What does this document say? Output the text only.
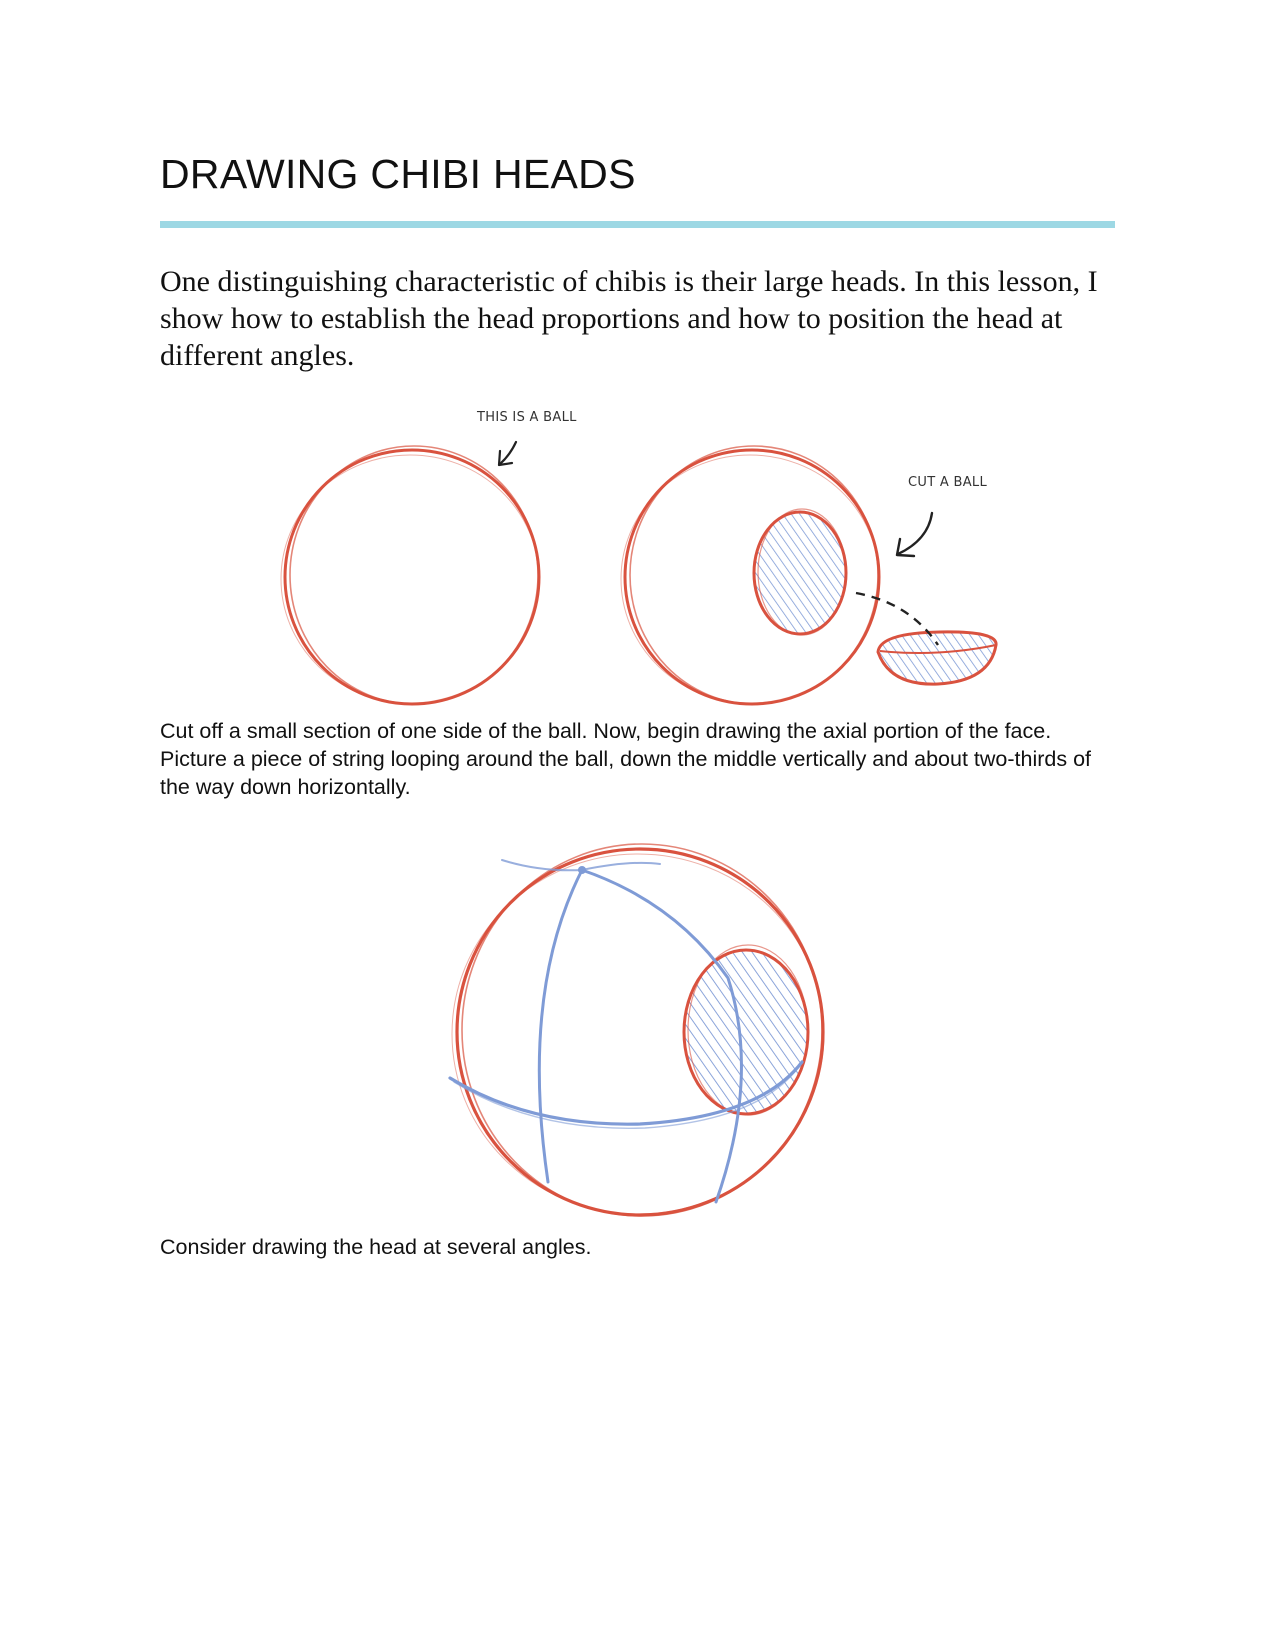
DRAWING CHIBI HEADS

One distinguishing characteristic of chibis is their large heads. In this lesson, I show how to establish the head proportions and how to position the head at different angles.

THIS IS A BALL
CUT A BALL

Cut off a small section of one side of the ball. Now, begin drawing the axial portion of the face. Picture a piece of string looping around the ball, down the middle vertically and about two-thirds of the way down horizontally.

Consider drawing the head at several angles.
